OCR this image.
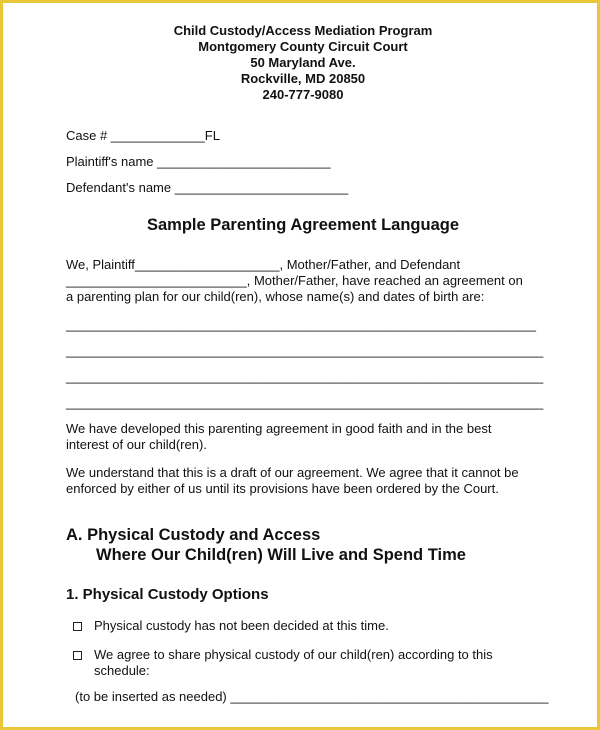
Child Custody/Access Mediation Program
Montgomery County Circuit Court
50 Maryland Ave.
Rockville, MD 20850
240-777-9080
Case # _____________FL
Plaintiff's name ________________________
Defendant's name ________________________
Sample Parenting Agreement Language
We, Plaintiff____________________, Mother/Father, and Defendant
_________________________, Mother/Father, have reached an agreement on
a parenting plan for our child(ren), whose name(s) and dates of birth are:
_________________________________________________________________
__________________________________________________________________
__________________________________________________________________
__________________________________________________________________
We have developed this parenting agreement in good faith and in the best interest of our child(ren).
We understand that this is a draft of our agreement. We agree that it cannot be enforced by either of us until its provisions have been ordered by the Court.
A. Physical Custody and Access
Where Our Child(ren) Will Live and Spend Time
1. Physical Custody Options
Physical custody has not been decided at this time.
We agree to share physical custody of our child(ren) according to this schedule:
(to be inserted as needed) ____________________________________________
